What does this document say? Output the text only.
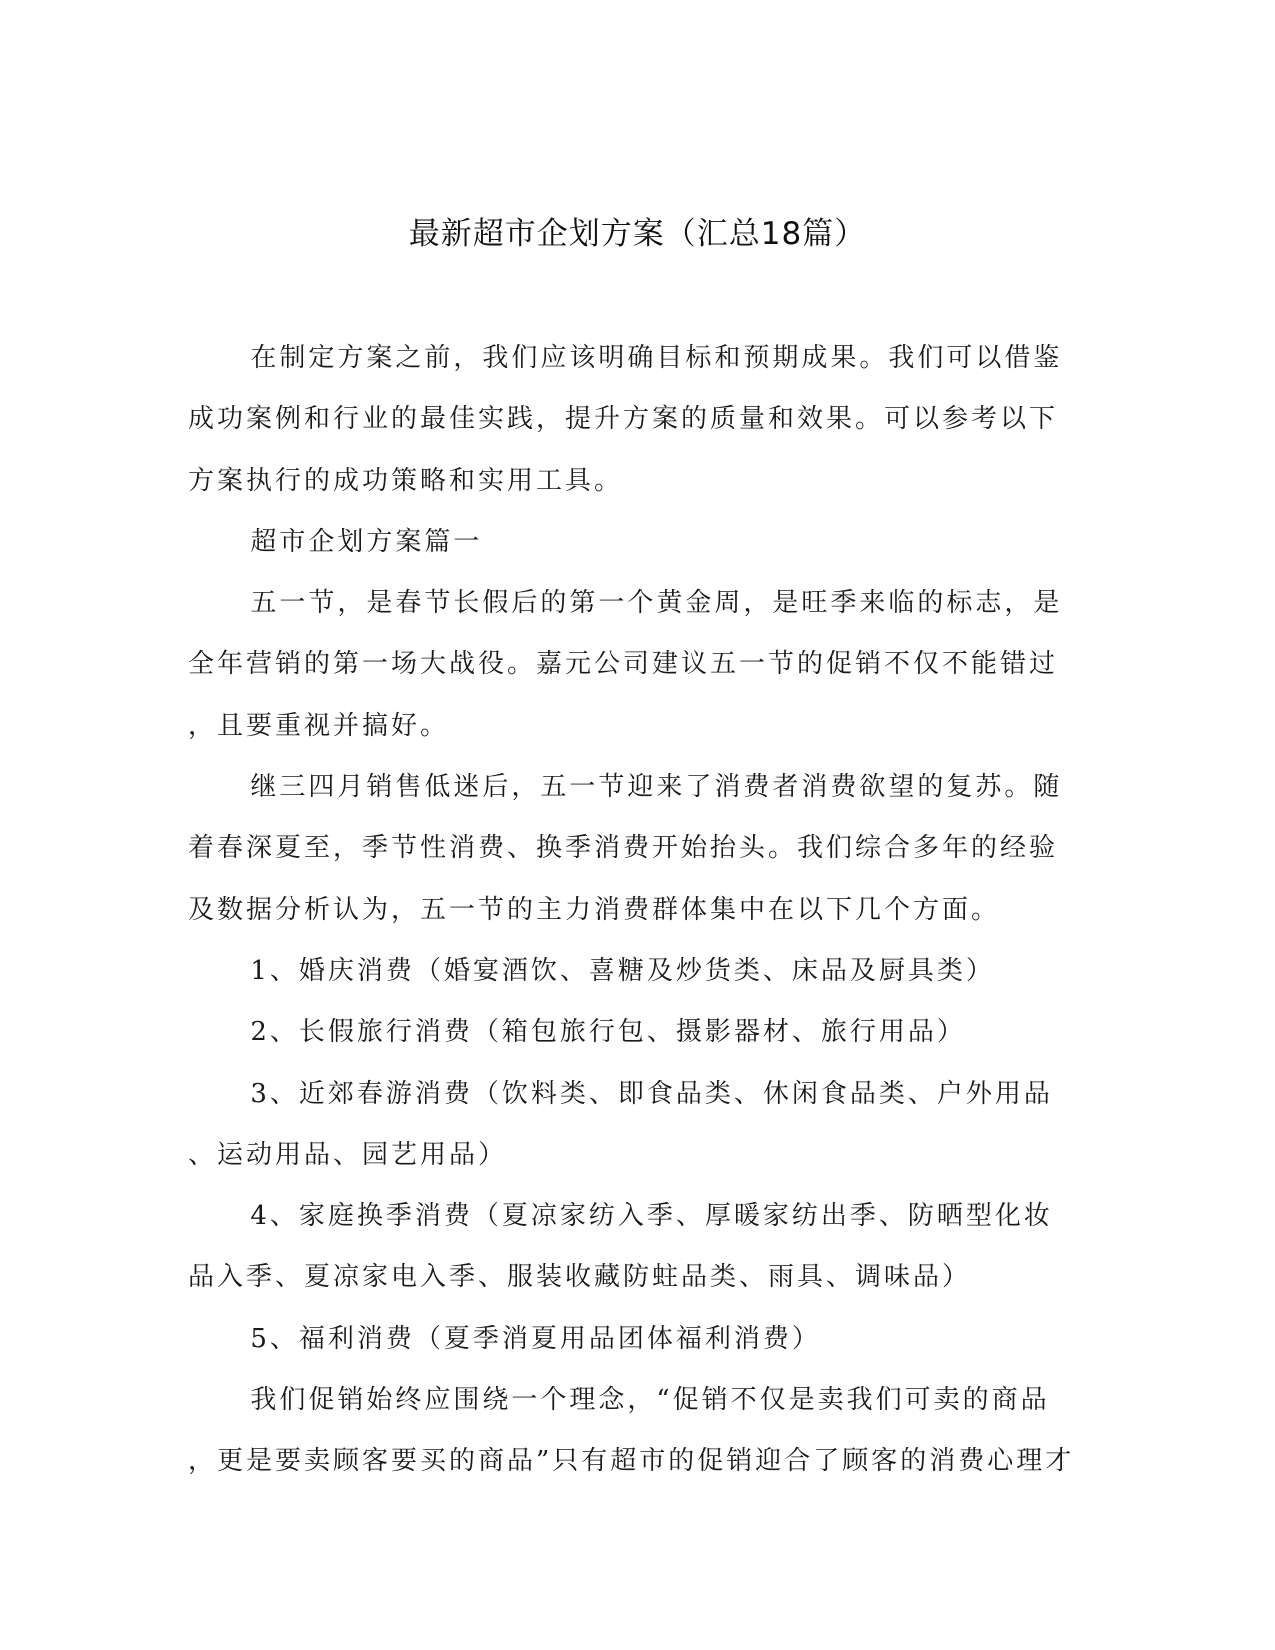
最新超市企划方案（汇总18篇）

在制定方案之前，我们应该明确目标和预期成果。我们可以借鉴
成功案例和行业的最佳实践，提升方案的质量和效果。可以参考以下
方案执行的成功策略和实用工具。

超市企划方案篇一

五一节，是春节长假后的第一个黄金周，是旺季来临的标志，是
全年营销的第一场大战役。嘉元公司建议五一节的促销不仅不能错过
，且要重视并搞好。

继三四月销售低迷后，五一节迎来了消费者消费欲望的复苏。随
着春深夏至，季节性消费、换季消费开始抬头。我们综合多年的经验
及数据分析认为，五一节的主力消费群体集中在以下几个方面。

1、婚庆消费（婚宴酒饮、喜糖及炒货类、床品及厨具类）

2、长假旅行消费（箱包旅行包、摄影器材、旅行用品）

3、近郊春游消费（饮料类、即食品类、休闲食品类、户外用品
、运动用品、园艺用品）

4、家庭换季消费（夏凉家纺入季、厚暖家纺出季、防晒型化妆
品入季、夏凉家电入季、服装收藏防蛀品类、雨具、调味品）

5、福利消费（夏季消夏用品团体福利消费）

我们促销始终应围绕一个理念，“促销不仅是卖我们可卖的商品
，更是要卖顾客要买的商品”只有超市的促销迎合了顾客的消费心理才
